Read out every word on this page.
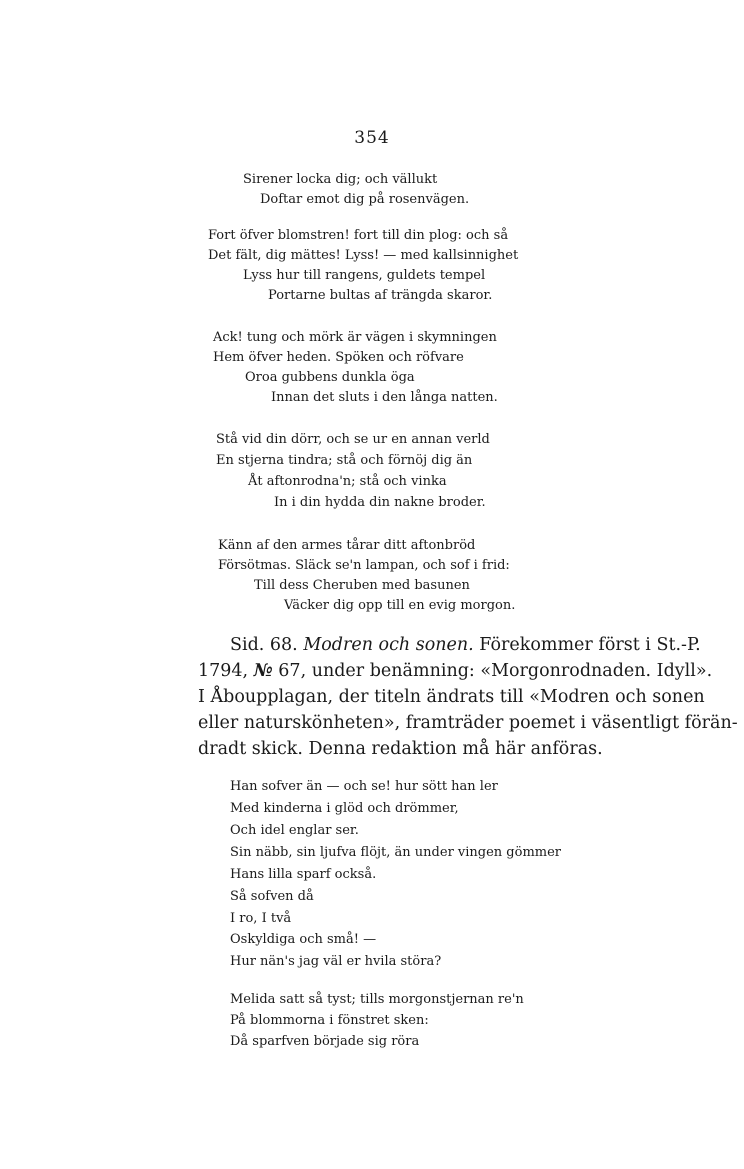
354
Sirener locka dig; och vällukt
Doftar emot dig på rosenvägen.
Fort öfver blomstren! fort till din plog: och så
Det fält, dig mättes! Lyss! — med kallsinnighet
Lyss hur till rangens, guldets tempel
Portarne bultas af trängda skaror.
Ack! tung och mörk är vägen i skymningen
Hem öfver heden. Spöken och röfvare
Oroa gubbens dunkla öga
Innan det sluts i den långa natten.
Stå vid din dörr, och se ur en annan verld
En stjerna tindra; stå och förnöj dig än
Åt aftonrodna'n; stå och vinka
In i din hydda din nakne broder.
Känn af den armes tårar ditt aftonbröd
Försötmas. Släck se'n lampan, och sof i frid:
Till dess Cheruben med basunen
Väcker dig opp till en evig morgon.
Sid. 68. Modren och sonen. Förekommer först i St.-P.
1794, № 67, under benämning: «Morgonrodnaden. Idyll».
I Åboupplagan, der titeln ändrats till «Modren och sonen
eller naturskönheten», framträder poemet i väsentligt förän-
dradt skick. Denna redaktion må här anföras.
Han sofver än — och se! hur sött han ler
Med kinderna i glöd och drömmer,
Och idel englar ser.
Sin näbb, sin ljufva flöjt, än under vingen gömmer
Hans lilla sparf också.
Så sofven då
I ro, I två
Oskyldiga och små! —
Hur nän's jag väl er hvila störa?
Melida satt så tyst; tills morgonstjernan re'n
På blommorna i fönstret sken:
Då sparfven började sig röra
